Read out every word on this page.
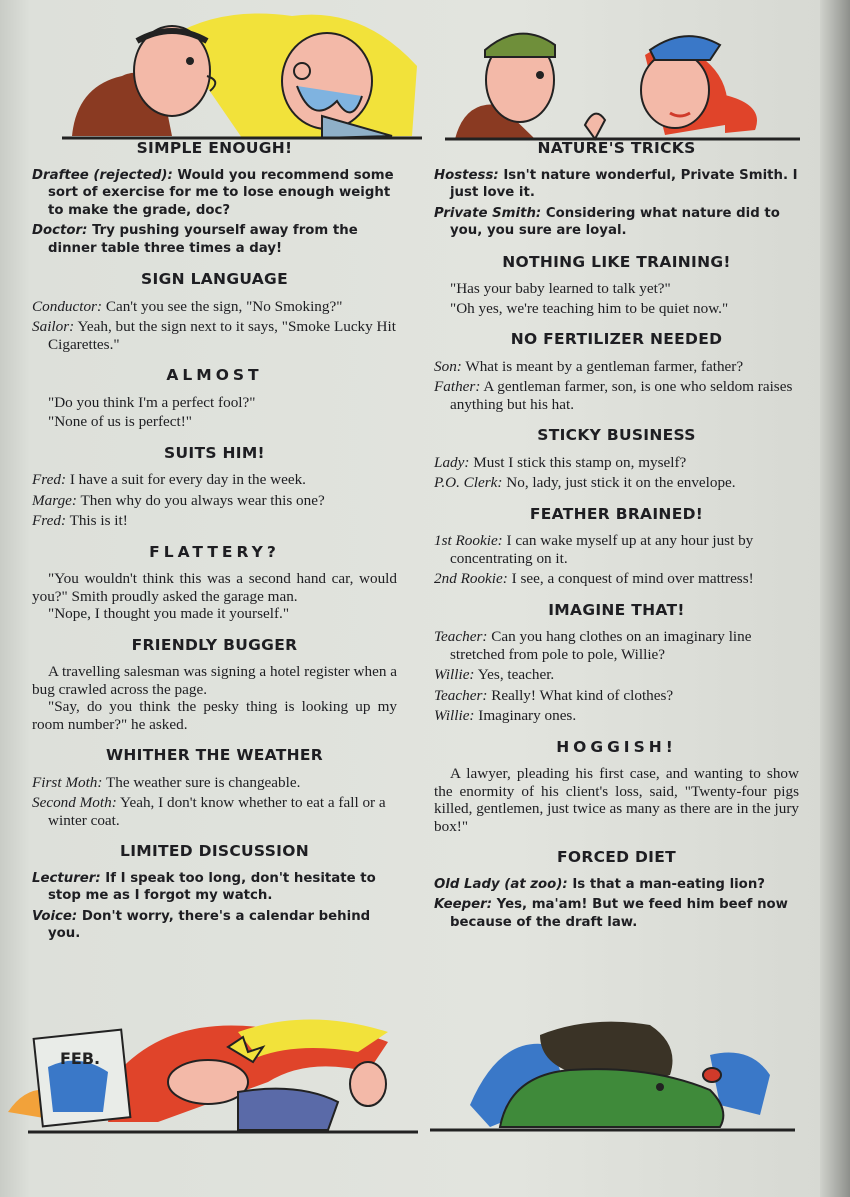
SIMPLE ENOUGH!

Draftee (rejected): Would you recommend some sort of exercise for me to lose enough weight to make the grade, doc?

Doctor: Try pushing yourself away from the dinner table three times a day!

SIGN LANGUAGE

Conductor: Can't you see the sign, "No Smoking?"

Sailor: Yeah, but the sign next to it says, "Smoke Lucky Hit Cigarettes."

ALMOST

"Do you think I'm a perfect fool?"

"None of us is perfect!"

SUITS HIM!

Fred: I have a suit for every day in the week.

Marge: Then why do you always wear this one?

Fred: This is it!

FLATTERY?

"You wouldn't think this was a second hand car, would you?" Smith proudly asked the garage man.

"Nope, I thought you made it yourself."

FRIENDLY BUGGER

A travelling salesman was signing a hotel register when a bug crawled across the page.

"Say, do you think the pesky thing is looking up my room number?" he asked.

WHITHER THE WEATHER

First Moth: The weather sure is changeable.

Second Moth: Yeah, I don't know whether to eat a fall or a winter coat.

LIMITED DISCUSSION

Lecturer: If I speak too long, don't hesitate to stop me as I forgot my watch.

Voice: Don't worry, there's a calendar behind you.

NATURE'S TRICKS

Hostess: Isn't nature wonderful, Private Smith. I just love it.

Private Smith: Considering what nature did to you, you sure are loyal.

NOTHING LIKE TRAINING!

"Has your baby learned to talk yet?"

"Oh yes, we're teaching him to be quiet now."

NO FERTILIZER NEEDED

Son: What is meant by a gentleman farmer, father?

Father: A gentleman farmer, son, is one who seldom raises anything but his hat.

STICKY BUSINESS

Lady: Must I stick this stamp on, myself?

P.O. Clerk: No, lady, just stick it on the envelope.

FEATHER BRAINED!

1st Rookie: I can wake myself up at any hour just by concentrating on it.

2nd Rookie: I see, a conquest of mind over mattress!

IMAGINE THAT!

Teacher: Can you hang clothes on an imaginary line stretched from pole to pole, Willie?

Willie: Yes, teacher.

Teacher: Really! What kind of clothes?

Willie: Imaginary ones.

HOGGISH!

A lawyer, pleading his first case, and wanting to show the enormity of his client's loss, said, "Twenty-four pigs killed, gentlemen, just twice as many as there are in the jury box!"

FORCED DIET

Old Lady (at zoo): Is that a man-eating lion?

Keeper: Yes, ma'am! But we feed him beef now because of the draft law.

FEB.
